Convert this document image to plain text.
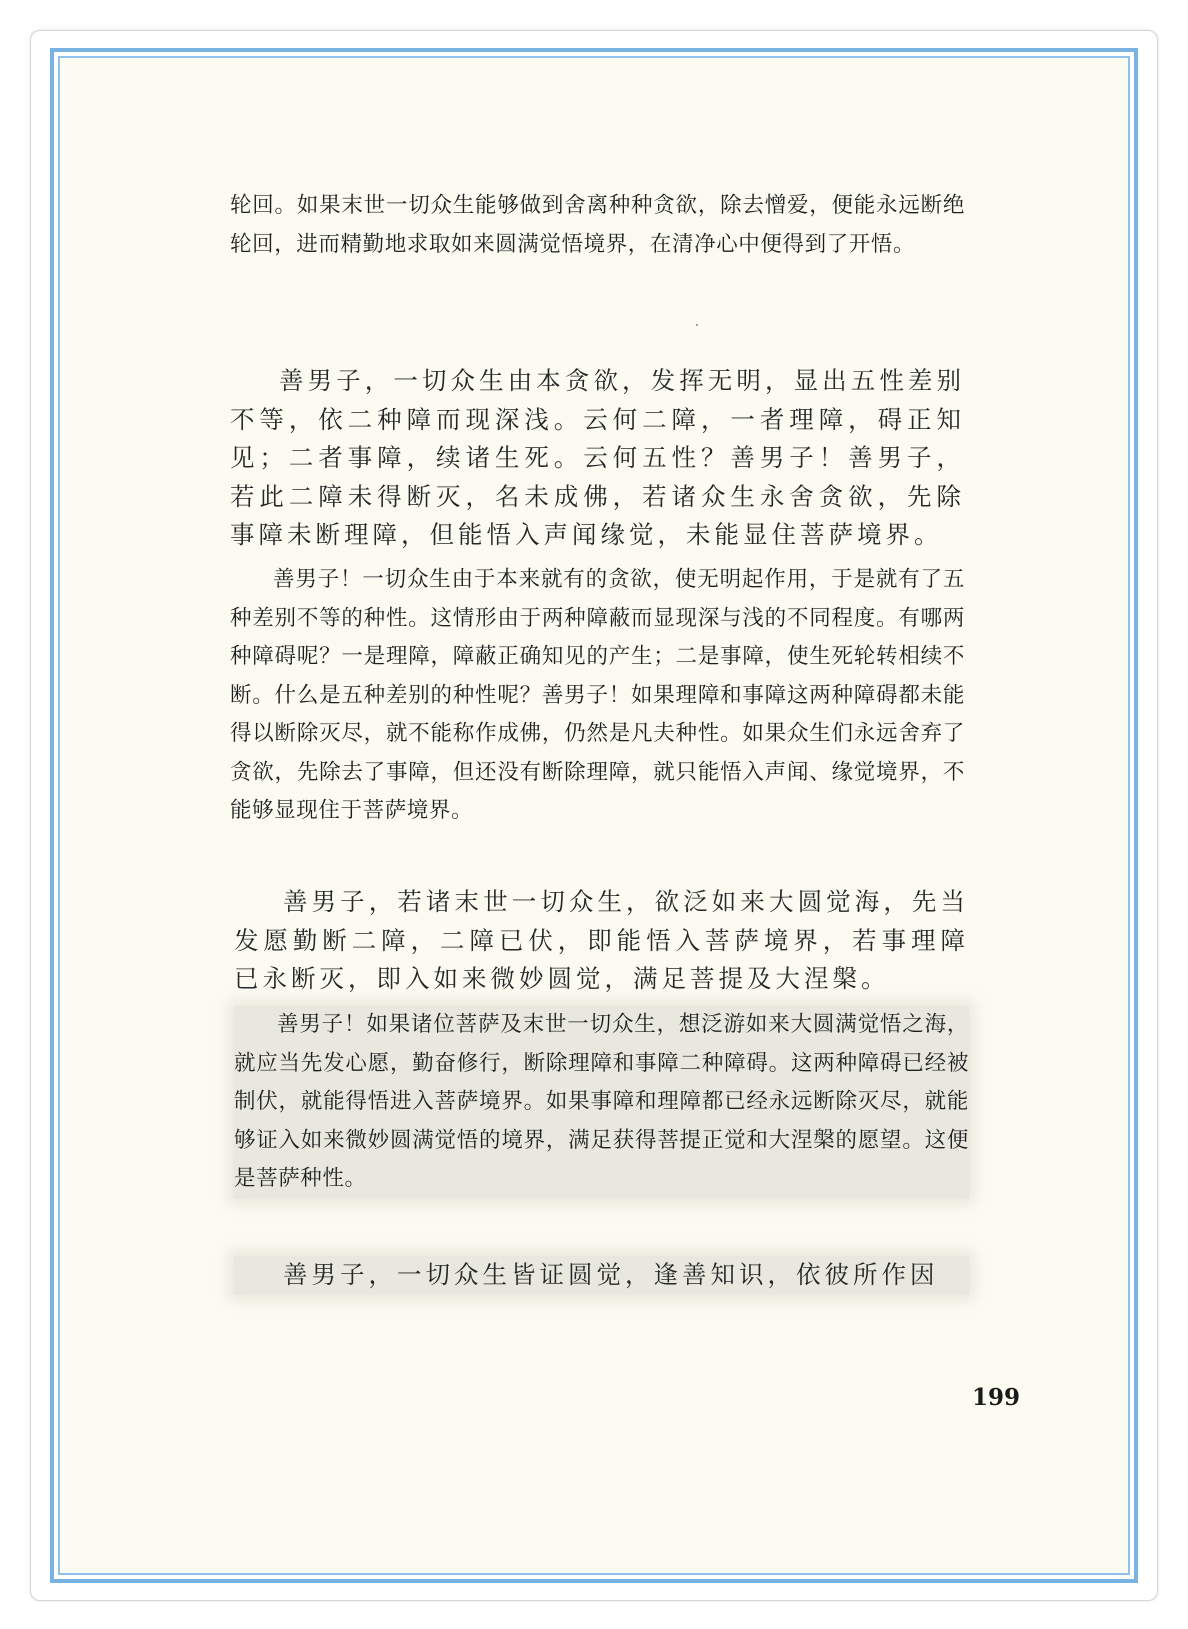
轮回。如果末世一切众生能够做到舍离种种贪欲，除去憎爱，便能永远断绝轮回，进而精勤地求取如来圆满觉悟境界，在清净心中便得到了开悟。

善男子，一切众生由本贪欲，发挥无明，显出五性差别不等，依二种障而现深浅。云何二障，一者理障，碍正知见；二者事障，续诸生死。云何五性？善男子！善男子，若此二障未得断灭，名未成佛，若诸众生永舍贪欲，先除事障未断理障，但能悟入声闻缘觉，未能显住菩萨境界。

善男子！一切众生由于本来就有的贪欲，使无明起作用，于是就有了五种差别不等的种性。这情形由于两种障蔽而显现深与浅的不同程度。有哪两种障碍呢？一是理障，障蔽正确知见的产生；二是事障，使生死轮转相续不断。什么是五种差别的种性呢？善男子！如果理障和事障这两种障碍都未能得以断除灭尽，就不能称作成佛，仍然是凡夫种性。如果众生们永远舍弃了贪欲，先除去了事障，但还没有断除理障，就只能悟入声闻、缘觉境界，不能够显现住于菩萨境界。

善男子，若诸末世一切众生，欲泛如来大圆觉海，先当发愿勤断二障，二障已伏，即能悟入菩萨境界，若事理障已永断灭，即入如来微妙圆觉，满足菩提及大涅槃。

善男子！如果诸位菩萨及末世一切众生，想泛游如来大圆满觉悟之海，就应当先发心愿，勤奋修行，断除理障和事障二种障碍。这两种障碍已经被制伏，就能得悟进入菩萨境界。如果事障和理障都已经永远断除灭尽，就能够证入如来微妙圆满觉悟的境界，满足获得菩提正觉和大涅槃的愿望。这便是菩萨种性。

善男子，一切众生皆证圆觉，逢善知识，依彼所作因

199
